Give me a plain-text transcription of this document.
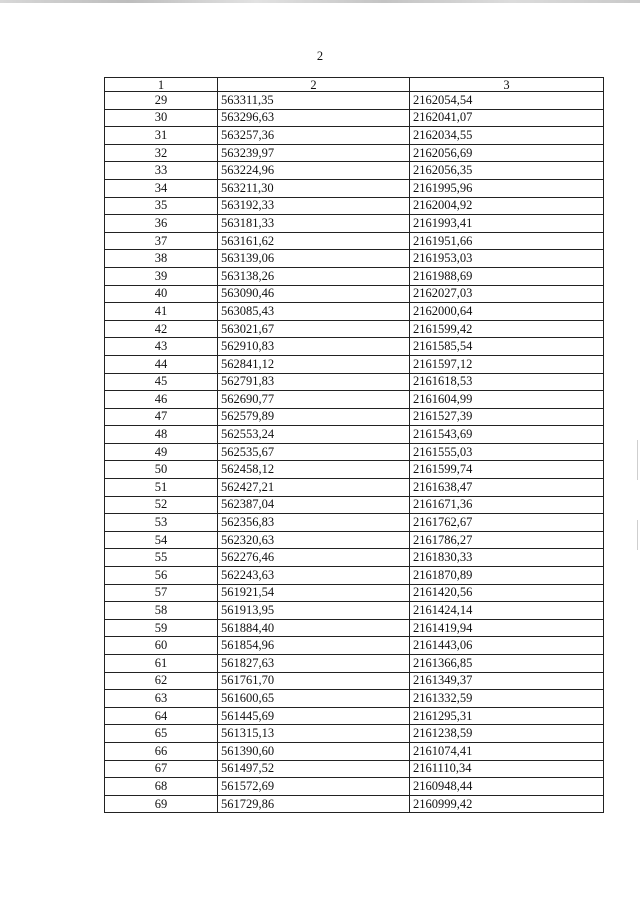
2
1	2	3
29	563311,35	2162054,54
30	563296,63	2162041,07
31	563257,36	2162034,55
32	563239,97	2162056,69
33	563224,96	2162056,35
34	563211,30	2161995,96
35	563192,33	2162004,92
36	563181,33	2161993,41
37	563161,62	2161951,66
38	563139,06	2161953,03
39	563138,26	2161988,69
40	563090,46	2162027,03
41	563085,43	2162000,64
42	563021,67	2161599,42
43	562910,83	2161585,54
44	562841,12	2161597,12
45	562791,83	2161618,53
46	562690,77	2161604,99
47	562579,89	2161527,39
48	562553,24	2161543,69
49	562535,67	2161555,03
50	562458,12	2161599,74
51	562427,21	2161638,47
52	562387,04	2161671,36
53	562356,83	2161762,67
54	562320,63	2161786,27
55	562276,46	2161830,33
56	562243,63	2161870,89
57	561921,54	2161420,56
58	561913,95	2161424,14
59	561884,40	2161419,94
60	561854,96	2161443,06
61	561827,63	2161366,85
62	561761,70	2161349,37
63	561600,65	2161332,59
64	561445,69	2161295,31
65	561315,13	2161238,59
66	561390,60	2161074,41
67	561497,52	2161110,34
68	561572,69	2160948,44
69	561729,86	2160999,42
